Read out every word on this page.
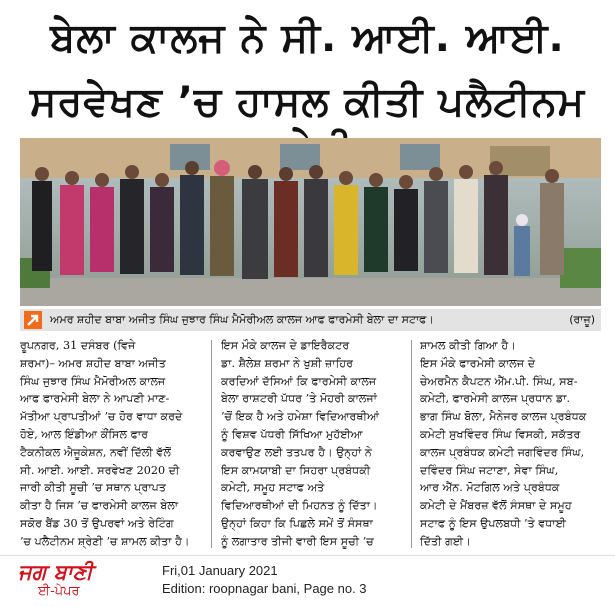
ਬੇਲਾ ਕਾਲਜ ਨੇ ਸੀ. ਆਈ. ਆਈ.
ਸਰਵੇਖਣ ’ਚ ਹਾਸਲ ਕੀਤੀ ਪਲੈਟੀਨਮ
ਅਮਰ ਸ਼ਹੀਦ ਬਾਬਾ ਅਜੀਤ ਸਿੰਘ ਜੁਝਾਰ ਸਿੰਘ ਮੈਮੋਰੀਅਲ ਕਾਲਜ ਆਫ ਫਾਰਮੇਸੀ ਬੇਲਾ ਦਾ ਸਟਾਫ।	(ਰਾਜੂ)
ਰੂਪਨਗਰ, 31 ਦਸੰਬਰ (ਵਿਜੇ
ਸ਼ਰਮਾ)– ਅਮਰ ਸ਼ਹੀਦ ਬਾਬਾ ਅਜੀਤ
ਸਿੰਘ ਜੁਝਾਰ ਸਿੰਘ ਮੈਮੋਰੀਅਲ ਕਾਲਜ
ਆਫ ਫਾਰਮੇਸੀ ਬੇਲਾ ਨੇ ਆਪਣੀ ਮਾਣ-
ਮੱਤੀਆ ਪ੍ਰਾਪਤੀਆਂ ’ਚ ਹੋਰ ਵਾਧਾ ਕਰਦੇ
ਹੋਏ, ਆਲ ਇੰਡੀਆ ਕੌਂਸਿਲ ਫਾਰ
ਟੈਕਨੀਕਲ ਐਜੂਕੇਸ਼ਨ, ਨਵੀਂ ਦਿੱਲੀ ਵੱਲੋਂ
ਸੀ. ਆਈ. ਆਈ. ਸਰਵੇਖਣ 2020 ਦੀ
ਜਾਰੀ ਕੀਤੀ ਸੂਚੀ ’ਚ ਸਥਾਨ ਪ੍ਰਾਪਤ
ਕੀਤਾ ਹੈ ਜਿਸ ’ਚ ਫਾਰਮੇਸੀ ਕਾਲਜ ਬੇਲਾ
ਸਕੋਰ ਬੈਂਡ 30 ਤੋਂ ਉਪਰਵਾਂ ਅਤੇ ਰੇਟਿੰਗ
’ਚ ਪਲੈਟੀਨਮ ਸ਼੍ਰੇਣੀ ’ਚ ਸ਼ਾਮਲ ਕੀਤਾ ਹੈ।
ਇਸ ਮੌਕੇ ਕਾਲਜ ਦੇ ਡਾਇਰੈਕਟਰ
ਡਾ. ਸ਼ੈਲੇਸ਼ ਸ਼ਰਮਾ ਨੇ ਖੁਸ਼ੀ ਜ਼ਾਹਿਰ
ਕਰਦਿਆਂ ਦੱਸਿਆਂ ਕਿ ਫਾਰਮੇਸੀ ਕਾਲਜ
ਬੇਲਾ ਰਾਸ਼ਟਰੀ ਪੱਧਰ ’ਤੇ ਮੋਹਰੀ ਕਾਲਜਾਂ
’ਚੋਂ ਇਕ ਹੈ ਅਤੇ ਹਮੇਸ਼ਾ ਵਿਦਿਆਰਥੀਆਂ
ਨੂੰ ਵਿਸ਼ਵ ਪੱਧਰੀ ਸਿੱਖਿਆ ਮੁਹੱਈਆ
ਕਰਵਾਉਣ ਲਈ ਤਤਪਰ ਹੈ। ਉਨ੍ਹਾਂ ਨੇ
ਇਸ ਕਾਮਯਾਬੀ ਦਾ ਸਿਹਰਾ ਪ੍ਰਬੰਧਕੀ
ਕਮੇਟੀ, ਸਮੂਹ ਸਟਾਫ ਅਤੇ
ਵਿਦਿਆਰਥੀਆਂ ਦੀ ਮਿਹਨਤ ਨੂੰ ਦਿੱਤਾ।
ਉਨ੍ਹਾਂ ਕਿਹਾ ਕਿ ਪਿਛਲੇ ਸਮੇਂ ਤੋਂ ਸੰਸਥਾ
ਨੂੰ ਲਗਾਤਾਰ ਤੀਜੀ ਵਾਰੀ ਇਸ ਸੂਚੀ ’ਚ
ਸ਼ਾਮਲ ਕੀਤੀ ਗਿਆ ਹੈ।
ਇਸ ਮੌਕੇ ਫਾਰਮੇਸੀ ਕਾਲਜ ਦੇ
ਚੇਅਰਮੈਨ ਕੈਪਟਨ ਐੱਮ.ਪੀ. ਸਿੰਘ, ਸਬ-
ਕਮੇਟੀ, ਫਾਰਮੇਸੀ ਕਾਲਜ ਪ੍ਰਧਾਨ ਡਾ.
ਭਾਗ ਸਿੰਘ ਬੋਲਾ, ਮੈਨੇਜਰ ਕਾਲਜ ਪ੍ਰਬੰਧਕ
ਕਮੇਟੀ ਸੁਖਵਿੰਦਰ ਸਿੰਘ ਵਿਸਕੀ, ਸਕੱਤਰ
ਕਾਲਜ ਪ੍ਰਬੰਧਕ ਕਮੇਟੀ ਜਗਵਿੰਦਰ ਸਿੰਘ,
ਦਵਿੰਦਰ ਸਿੰਘ ਜਟਾਣਾ, ਸੇਵਾ ਸਿੰਘ,
ਆਰ ਐੱਨ. ਮੋਟਗਿਲ ਅਤੇ ਪ੍ਰਬੰਧਕ
ਕਮੇਟੀ ਦੇ ਮੈਂਬਰਜ਼ ਵੱਲੋਂ ਸੰਸਥਾ ਦੇ ਸਮੂਹ
ਸਟਾਫ ਨੂੰ ਇਸ ਉਪਲਬਧੀ ’ਤੇ ਵਧਾਈ
ਦਿੱਤੀ ਗਈ।
ਜਗ ਬਾਣੀ
ਈ-ਪੇਪਰ
Fri,01 January 2021
Edition: roopnagar bani, Page no. 3
